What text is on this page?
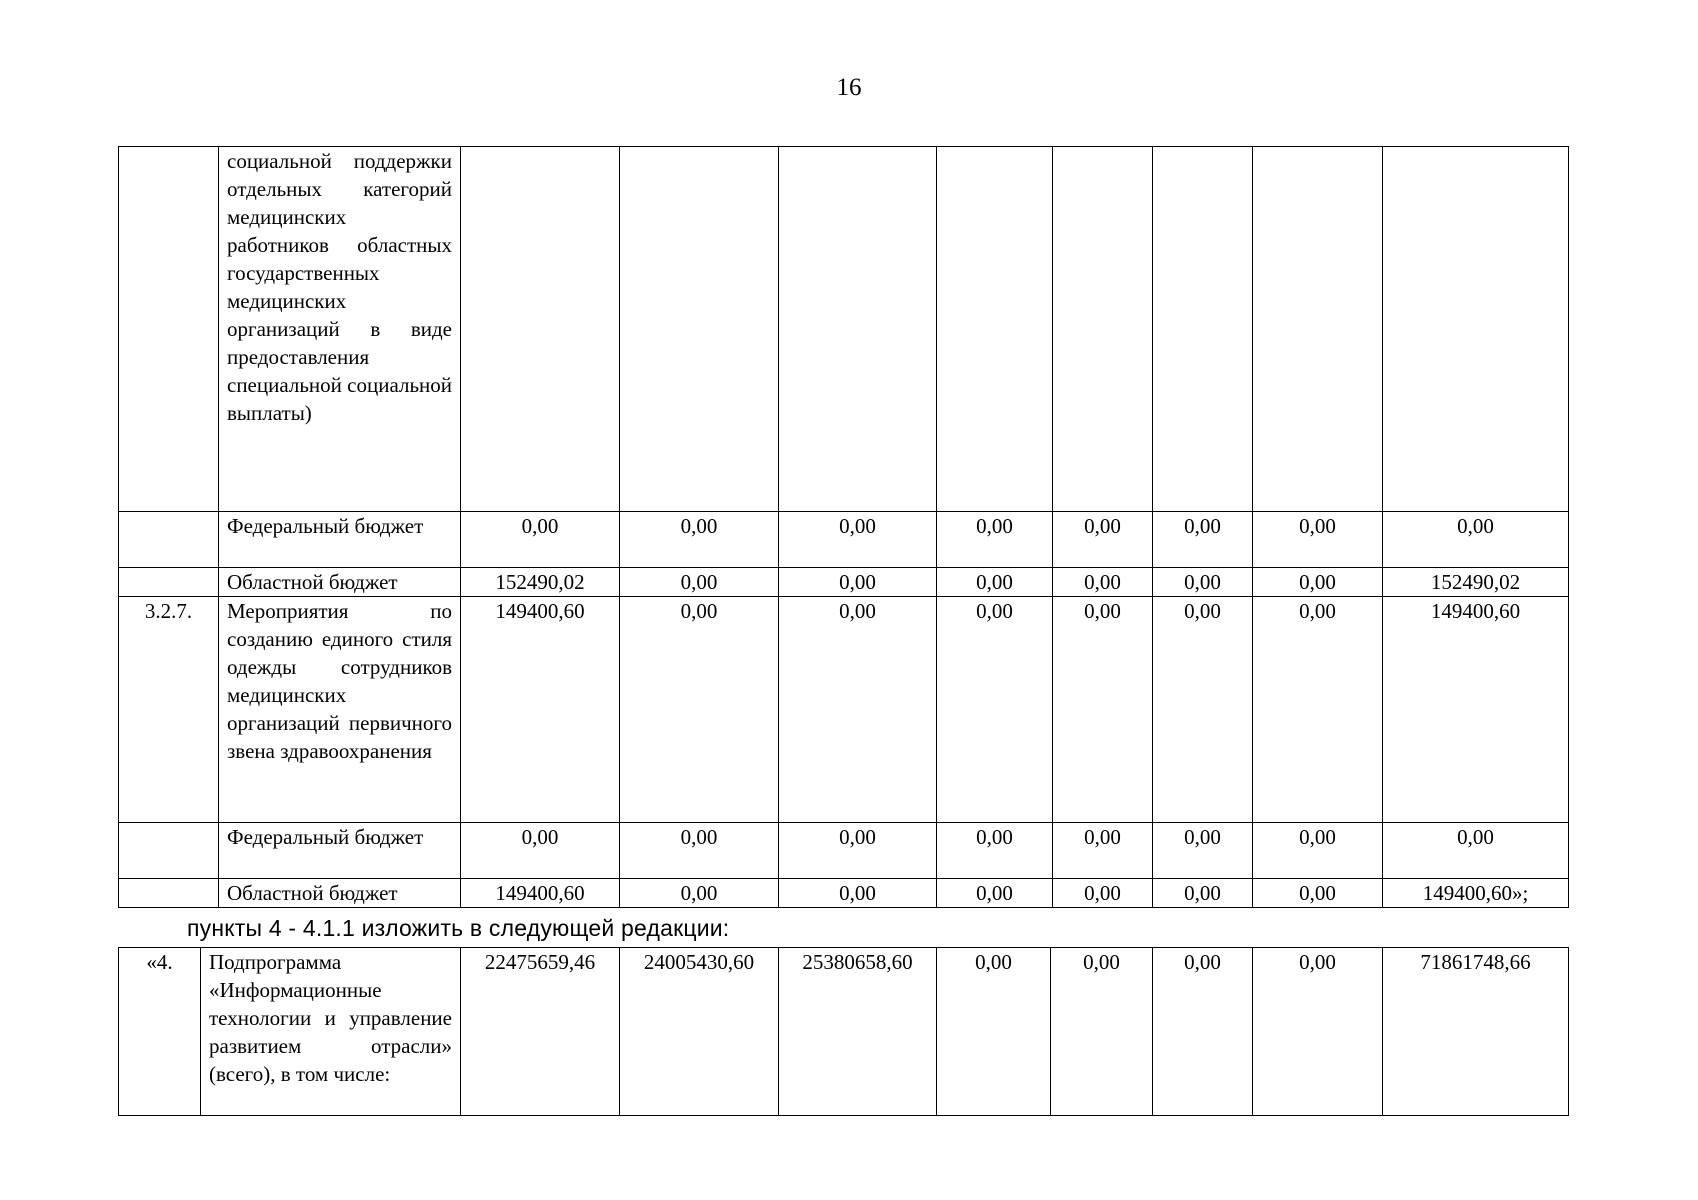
16
	социальной поддержки отдельных категорий медицинских работников областных государственных медицинских организаций в виде предоставления специальной социальной выплаты)								
	Федеральный бюджет	0,00	0,00	0,00	0,00	0,00	0,00	0,00	0,00
	Областной бюджет	152490,02	0,00	0,00	0,00	0,00	0,00	0,00	152490,02
3.2.7.	Мероприятия по созданию единого стиля одежды сотрудников медицинских организаций первичного звена здравоохранения	149400,60	0,00	0,00	0,00	0,00	0,00	0,00	149400,60
	Федеральный бюджет	0,00	0,00	0,00	0,00	0,00	0,00	0,00	0,00
	Областной бюджет	149400,60	0,00	0,00	0,00	0,00	0,00	0,00	149400,60»;
пункты 4 - 4.1.1 изложить в следующей редакции:
«4.	Подпрограмма «Информационные технологии и управление развитием отрасли» (всего), в том числе:	22475659,46	24005430,60	25380658,60	0,00	0,00	0,00	0,00	71861748,66
